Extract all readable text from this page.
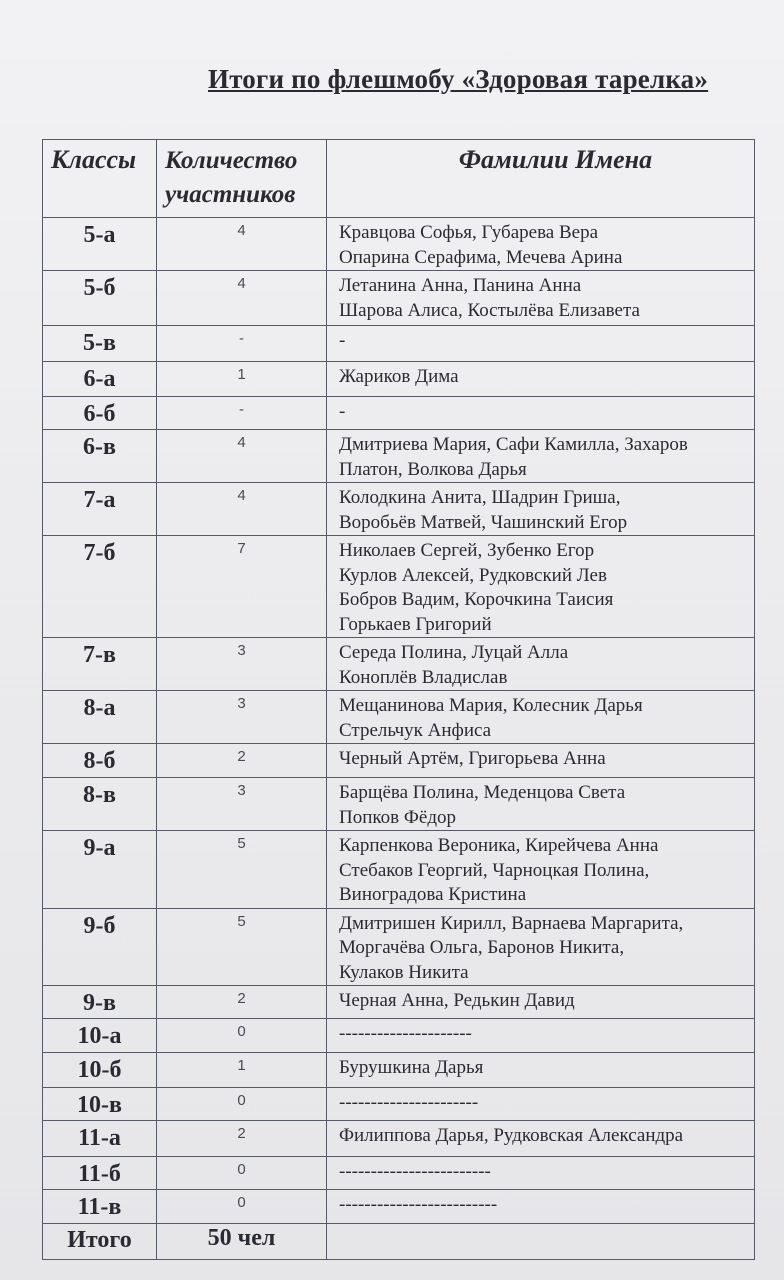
Итоги по флешмобу «Здоровая тарелка»
Классы	Количество участников	Фамилии Имена
5-а	4	Кравцова Софья, Губарева Вера
Опарина Серафима, Мечева Арина
5-б	4	Летанина Анна, Панина Анна
Шарова Алиса, Костылёва Елизавета
5-в	-	-
6-а	1	Жариков Дима
6-б	-	-
6-в	4	Дмитриева Мария, Сафи Камилла, Захаров
Платон, Волкова Дарья
7-а	4	Колодкина Анита, Шадрин Гриша,
Воробьёв Матвей, Чашинский Егор
7-б	7	Николаев Сергей, Зубенко Егор
Курлов Алексей, Рудковский Лев
Бобров Вадим, Корочкина Таисия
Горькаев Григорий
7-в	3	Середа Полина, Луцай Алла
Коноплёв Владислав
8-а	3	Мещанинова Мария, Колесник Дарья
Стрельчук Анфиса
8-б	2	Черный Артём, Григорьева Анна
8-в	3	Барщёва Полина, Меденцова Света
Попков Фёдор
9-а	5	Карпенкова Вероника, Кирейчева Анна
Стебаков Георгий, Чарноцкая Полина,
Виноградова Кристина
9-б	5	Дмитришен Кирилл, Варнаева Маргарита,
Моргачёва Ольга, Баронов Никита,
Кулаков Никита
9-в	2	Черная Анна, Редькин Давид
10-а	0	---------------------
10-б	1	Бурушкина Дарья
10-в	0	----------------------
11-а	2	Филиппова Дарья, Рудковская Александра
11-б	0	------------------------
11-в	0	-------------------------
Итого	50 чел	
